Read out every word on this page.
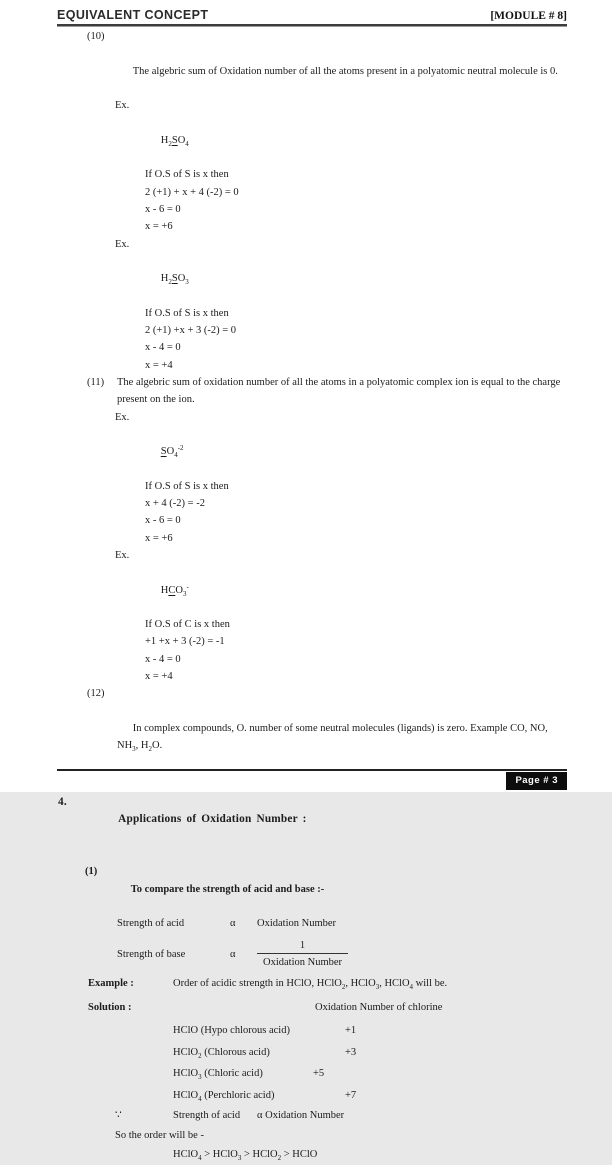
EQUIVALENT CONCEPT	[MODULE # 8]

(10)

The algebric sum of Oxidation number of all the atoms present in a polyatomic neutral molecule is 0.

Ex.

$H_2SO_4$

If O.S of S is x then
2 (+1) + x + 4 (-2) = 0
x - 6 = 0
x = +6

Ex.

$H_2SO_3$

If O.S of S is x then
2 (+1) +x + 3 (-2) = 0
x - 4 = 0
x = +4
(11) The algebric sum of oxidation number of all the atoms in a polyatomic complex ion is equal to the charge present on the ion.

Ex.

$SO_4^{-2}$

If O.S of S is x then
x + 4 (-2) = -2
x - 6 = 0
x = +6

Ex.

$HCO_3^-$

If O.S of C is x then
+1 +x + 3 (-2) = -1
x - 4 = 0
x = +4

(12)

In complex compounds, O. number of some neutral molecules (ligands) is zero. Example CO, NO, $NH_3$, $H_2O$.

4.

Applications of Oxidation Number :

(1)

To compare the strength of acid and base :-

Strength of acid	α	Oxidation Number
Strength of base	α	$\frac{1}{\text{Oxidation Number}}$
Example :	Order of acidic strength in HClO, HClO$_2$, HClO$_3$, HClO$_4$ will be.
Solution :	Oxidation Number of chlorine
HClO (Hypo chlorous acid)	+1
HClO$_2$ (Chlorous acid)	+3
HClO$_3$ (Chloric acid)	+5
HClO$_4$ (Perchloric acid)	+7
∵	Strength of acid	α Oxidation Number
So the order will be -
HClO$_4$ > HClO$_3$ > HClO$_2$ > HClO
Page # 3
